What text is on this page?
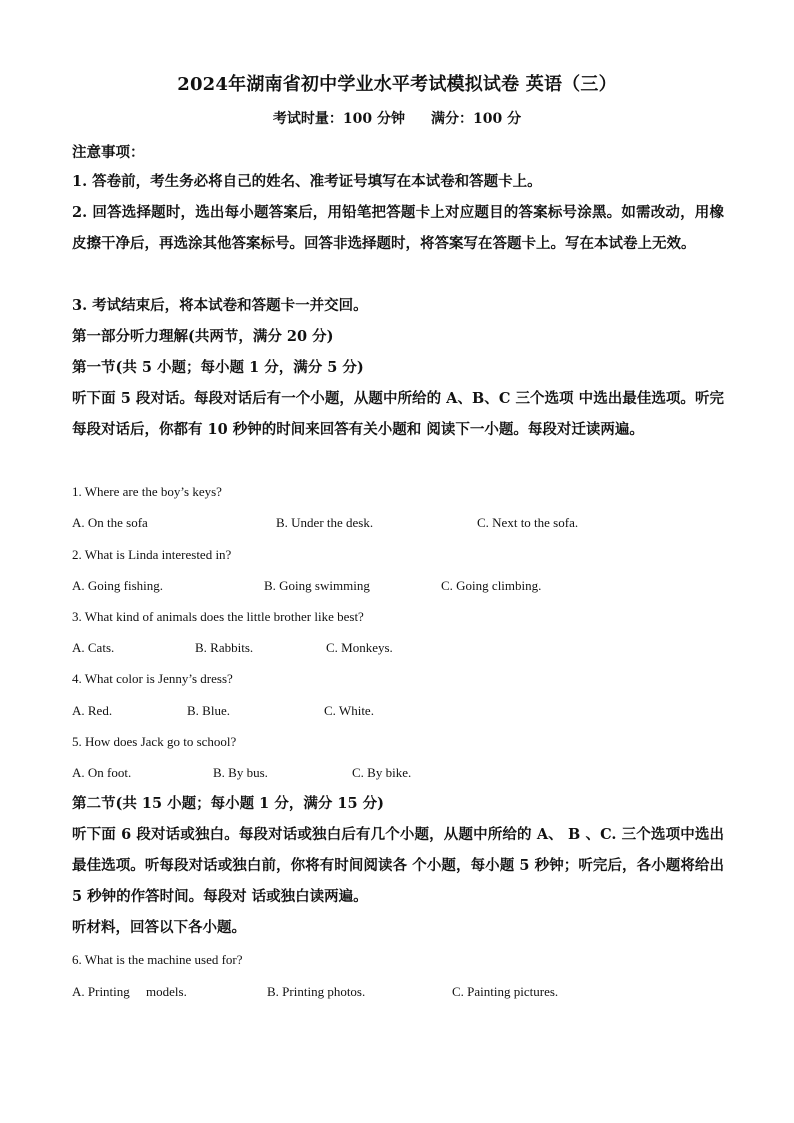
2024年湖南省初中学业水平考试模拟试卷 英语（三）
考试时量：100 分钟 满分：100 分
注意事项：
1. 答卷前，考生务必将自己的姓名、准考证号填写在本试卷和答题卡上。
2. 回答选择题时，选出每小题答案后，用铅笔把答题卡上对应题目的答案标号涂黑。如需改动，用橡皮擦干净后，再选涂其他答案标号。回答非选择题时，将答案写在答题卡上。写在本试卷上无效。
3. 考试结束后，将本试卷和答题卡一并交回。
第一部分听力理解(共两节，满分 20 分)
第一节(共 5 小题；每小题 1 分，满分 5 分)
听下面 5 段对话。每段对话后有一个小题，从题中所给的 A、B、C 三个选项 中选出最佳选项。听完每段对话后，你都有 10 秒钟的时间来回答有关小题和 阅读下一小题。每段对迁读两遍。
1. Where are the boy’s keys?
A. On the sofa	B. Under the desk.	C. Next to the sofa.
2. What is Linda interested in?
A. Going fishing.	B. Going swimming	C. Going climbing.
3. What kind of animals does the little brother like best?
A. Cats.	B. Rabbits.	C. Monkeys.
4. What color is Jenny’s dress?
A. Red.	B. Blue.	C. White.
5. How does Jack go to school?
A. On foot.	B. By bus.	C. By bike.
第二节(共 15 小题；每小题 1 分，满分 15 分)
听下面 6 段对话或独白。每段对话或独白后有几个小题，从题中所给的 A、 B 、C. 三个选项中选出最佳选项。听每段对话或独白前，你将有时间阅读各 个小题，每小题 5 秒钟；听完后，各小题将给出 5 秒钟的作答时间。每段对 话或独白读两遍。
听材料，回答以下各小题。
6. What is the machine used for?
A. Printing     models.	B. Printing photos.	C. Painting pictures.
